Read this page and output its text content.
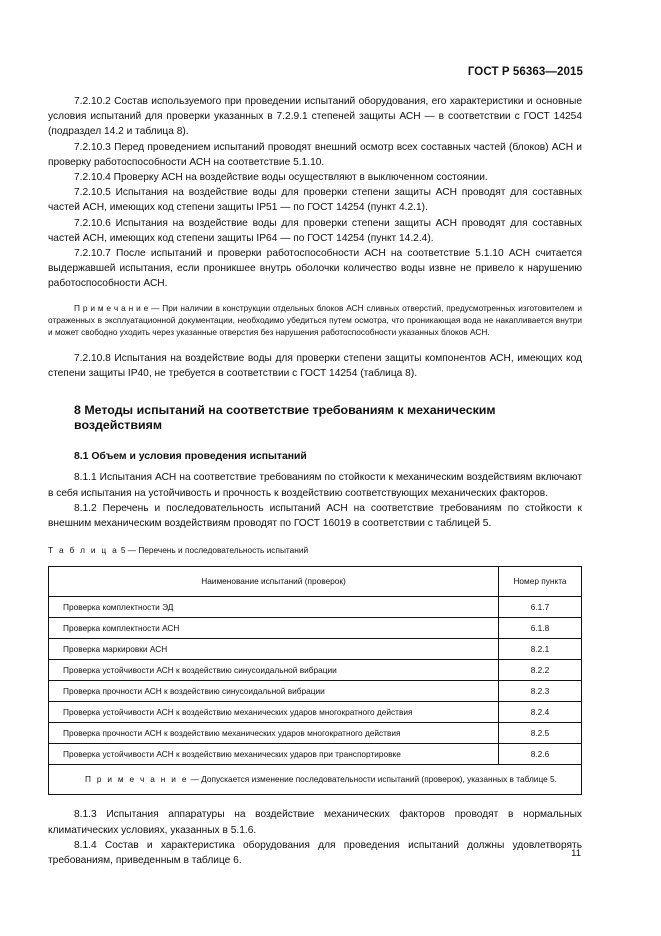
ГОСТ Р 56363—2015

7.2.10.2 Состав используемого при проведении испытаний оборудования, его характеристики и основные условия испытаний для проверки указанных в 7.2.9.1 степеней защиты АСН — в соответствии с ГОСТ 14254 (подраздел 14.2 и таблица 8).

7.2.10.3 Перед проведением испытаний проводят внешний осмотр всех составных частей (блоков) АСН и проверку работоспособности АСН на соответствие 5.1.10.

7.2.10.4 Проверку АСН на воздействие воды осуществляют в выключенном состоянии.

7.2.10.5 Испытания на воздействие воды для проверки степени защиты АСН проводят для составных частей АСН, имеющих код степени защиты IP51 — по ГОСТ 14254 (пункт 4.2.1).

7.2.10.6 Испытания на воздействие воды для проверки степени защиты АСН проводят для составных частей АСН, имеющих код степени защиты IP64 — по ГОСТ 14254 (пункт 14.2.4).

7.2.10.7 После испытаний и проверки работоспособности АСН на соответствие 5.1.10 АСН считается выдержавшей испытания, если проникшее внутрь оболочки количество воды извне не привело к нарушению работоспособности АСН.

П р и м е ч а н и е — При наличии в конструкции отдельных блоков АСН сливных отверстий, предусмотренных изготовителем и отраженных в эксплуатационной документации, необходимо убедиться путем осмотра, что проникающая вода не накапливается внутри и может свободно уходить через указанные отверстия без нарушения работоспособности указанных блоков АСН.

7.2.10.8 Испытания на воздействие воды для проверки степени защиты компонентов АСН, имеющих код степени защиты IP40, не требуется в соответствии с ГОСТ 14254 (таблица 8).

8 Методы испытаний на соответствие требованиям к механическим воздействиям
8.1 Объем и условия проведения испытаний

8.1.1 Испытания АСН на соответствие требованиям по стойкости к механическим воздействиям включают в себя испытания на устойчивость и прочность к воздействию соответствующих механических факторов.

8.1.2 Перечень и последовательность испытаний АСН на соответствие требованиям по стойкости к внешним механическим воздействиям проводят по ГОСТ 16019 в соответствии с таблицей 5.

Т а б л и ц а 5 — Перечень и последовательность испытаний
Наименование испытаний (проверок)	Номер пункта
Проверка комплектности ЭД	6.1.7
Проверка комплектности АСН	6.1.8
Проверка маркировки АСН	8.2.1
Проверка устойчивости АСН к воздействию синусоидальной вибрации	8.2.2
Проверка прочности АСН к воздействию синусоидальной вибрации	8.2.3
Проверка устойчивости АСН к воздействию механических ударов многократного действия	8.2.4
Проверка прочности АСН к воздействию механических ударов многократного действия	8.2.5
Проверка устойчивости АСН к воздействию механических ударов при транспортировке	8.2.6
П р и м е ч а н и е — Допускается изменение последовательности испытаний (проверок), указанных в таблице 5.	

8.1.3 Испытания аппаратуры на воздействие механических факторов проводят в нормальных климатических условиях, указанных в 5.1.6.

8.1.4 Состав и характеристика оборудования для проведения испытаний должны удовлетворять требованиям, приведенным в таблице 6.

11
